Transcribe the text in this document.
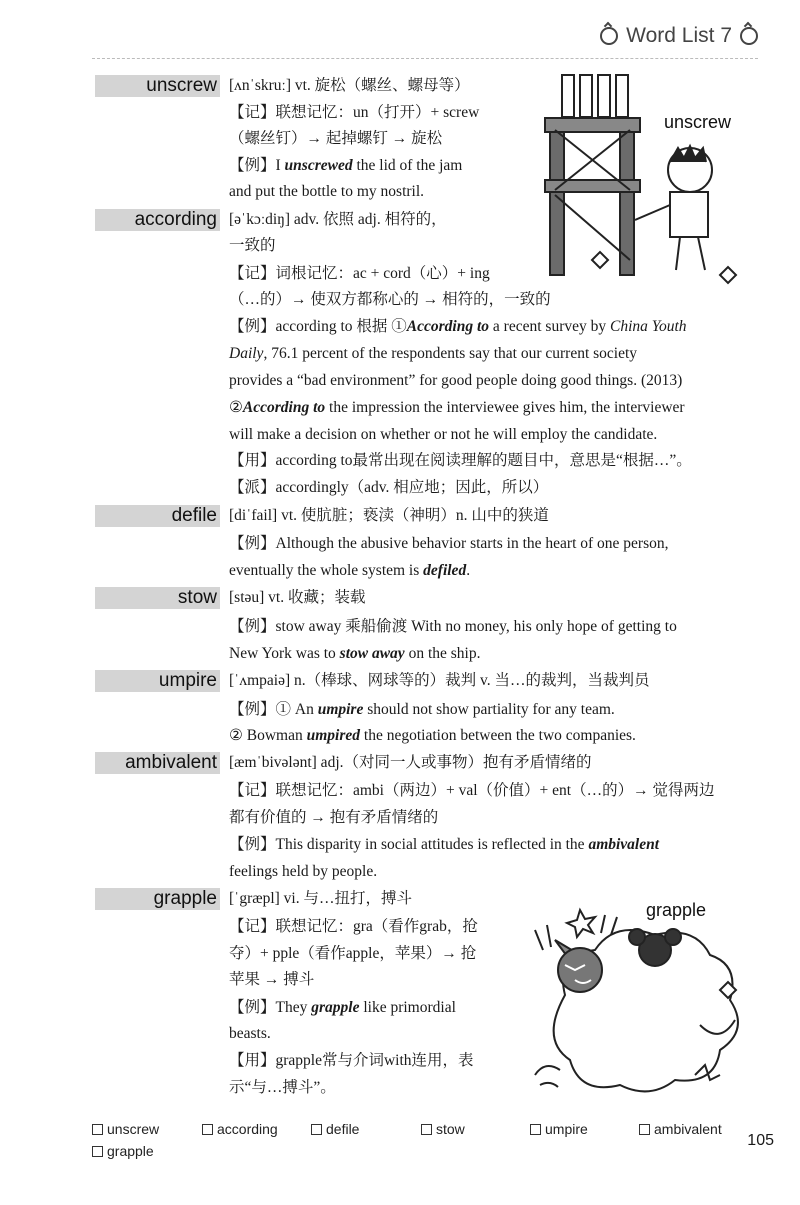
Word List 7
unscrew [ʌnˈskruː] vt. 旋松（螺丝、螺母等）
【记】联想记忆：un（打开）+ screw
（螺丝钉）→ 起掉螺钉 → 旋松
【例】I unscrewed the lid of the jam
and put the bottle to my nostril.
unscrew
according [əˈkɔːdiŋ] adv. 依照 adj. 相符的，
一致的
【记】词根记忆：ac + cord（心）+ ing
（…的）→ 使双方都称心的 → 相符的，一致的
【例】according to 根据 ①According to a recent survey by China Youth
Daily, 76.1 percent of the respondents say that our current society
provides a “bad environment” for good people doing good things. (2013)
②According to the impression the interviewee gives him, the interviewer
will make a decision on whether or not he will employ the candidate.
【用】according to最常出现在阅读理解的题目中，意思是“根据…”。
【派】accordingly（adv. 相应地；因此，所以）
defile [diˈfail] vt. 使肮脏；亵渎（神明）n. 山中的狭道
【例】Although the abusive behavior starts in the heart of one person,
eventually the whole system is defiled.
stow [stəu] vt. 收藏；装载
【例】stow away 乘船偷渡 With no money, his only hope of getting to
New York was to stow away on the ship.
umpire [ˈʌmpaiə] n.（棒球、网球等的）裁判 v. 当…的裁判，当裁判员
【例】① An umpire should not show partiality for any team.
② Bowman umpired the negotiation between the two companies.
ambivalent [æmˈbivələnt] adj.（对同一人或事物）抱有矛盾情绪的
【记】联想记忆：ambi（两边）+ val（价值）+ ent（…的）→ 觉得两边
都有价值的 → 抱有矛盾情绪的
【例】This disparity in social attitudes is reflected in the ambivalent
feelings held by people.
grapple [ˈgræpl] vi. 与…扭打，搏斗
【记】联想记忆：gra（看作grab，抢
夺）+ pple（看作apple，苹果）→ 抢
苹果 → 搏斗
【例】They grapple like primordial
beasts.
【用】grapple常与介词with连用，表
示“与…搏斗”。
grapple
unscrew	according	defile	stow	umpire	ambivalent
grapple
105
